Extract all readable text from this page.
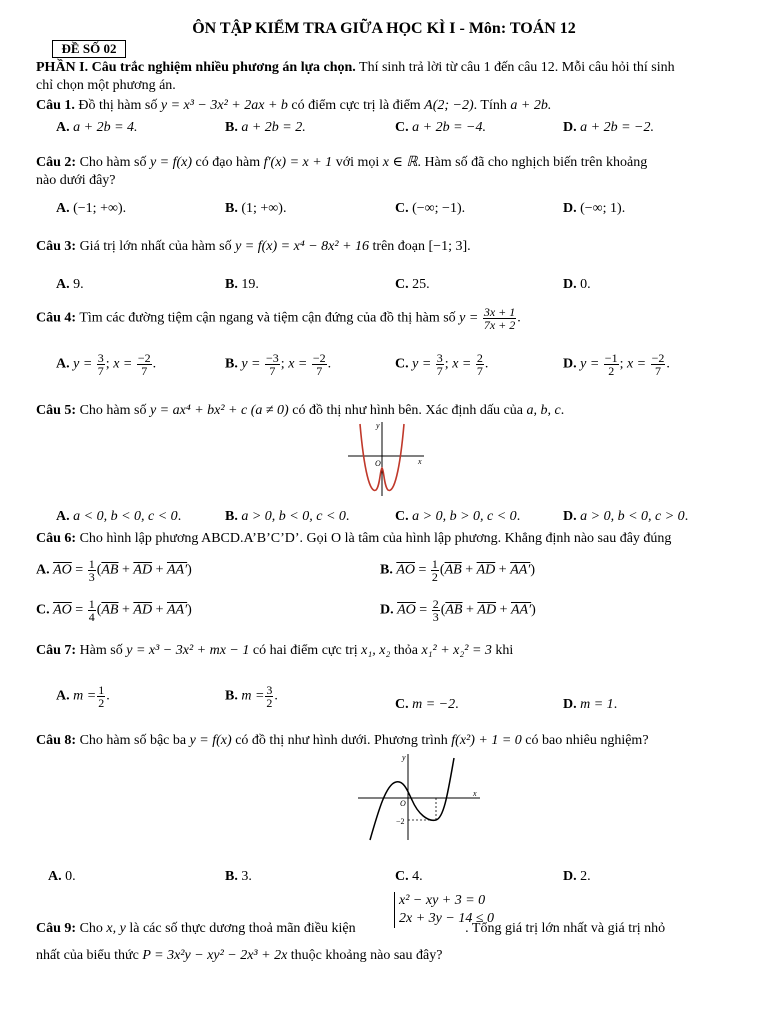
ÔN TẬP KIỂM TRA GIỮA HỌC KÌ I - Môn: TOÁN 12
ĐỀ SỐ 02
PHẦN I. Câu trắc nghiệm nhiều phương án lựa chọn. Thí sinh trả lời từ câu 1 đến câu 12. Mỗi câu hỏi thí sinh
chỉ chọn một phương án.
Câu 1. Đồ thị hàm số y = x³ − 3x² + 2ax + b có điểm cực trị là điểm A(2; −2). Tính a + 2b.
A. a + 2b = 4.	B. a + 2b = 2.	C. a + 2b = −4.	D. a + 2b = −2.
Câu 2: Cho hàm số y = f(x) có đạo hàm f′(x) = x + 1 với mọi x ∈ ℝ. Hàm số đã cho nghịch biến trên khoảng
nào dưới đây?
A. (−1; +∞).	B. (1; +∞).	C. (−∞; −1).	D. (−∞; 1).
Câu 3: Giá trị lớn nhất của hàm số y = f(x) = x⁴ − 8x² + 16 trên đoạn [−1; 3].
A. 9.	B. 19.	C. 25.	D. 0.
Câu 4: Tìm các đường tiệm cận ngang và tiệm cận đứng của đồ thị hàm số $y = \frac{3x + 1}{7x + 2}$ .
A. $y = \frac{3}{7}$ ; $x = \frac{-2}{7}$ .	B. $y = \frac{-3}{7}$ ; $x = \frac{-2}{7}$ .	C. $y = \frac{3}{7}$ ; $x = \frac{2}{7}$ .	D. $y = \frac{-1}{2}$ ; $x = \frac{-2}{7}$ .
Câu 5: Cho hàm số y = ax⁴ + bx² + c (a ≠ 0) có đồ thị như hình bên. Xác định dấu của a, b, c.
y
O	x
A. a < 0, b < 0, c < 0.	B. a > 0, b < 0, c < 0.	C. a > 0, b > 0, c < 0.	D. a > 0, b < 0, c > 0.
Câu 6: Cho hình lập phương ABCD.A’B’C’D’. Gọi O là tâm của hình lập phương. Khẳng định nào sau đây đúng
A. $\overline{AO} = \frac{1}{3} (\overline{AB} + \overline{AD} + AA')$	B. $\overline{AO} = \frac{1}{2} (\overline{AB} + \overline{AD} + AA')$
C. $\overline{AO} = \frac{1}{4} (\overline{AB} + \overline{AD} + AA')$	D. $\overline{AO} = \frac{2}{3} (\overline{AB} + \overline{AD} + AA')$
Câu 7: Hàm số y = x³ − 3x² + mx − 1 có hai điểm cực trị x₁, x₂ thỏa x₁² + x₂² = 3 khi
A. $m = \frac{1}{2}$ .	B. $m = \frac{3}{2}$ .
C. m = −2.	D. m = 1.
Câu 8: Cho hàm số bậc ba y = f(x) có đồ thị như hình dưới. Phương trình f(x²) + 1 = 0 có bao nhiêu nghiệm?
y
O
x
−2
A. 0.	B. 3.	C. 4.	D. 2.
x² − xy + 3 = 0
2x + 3y − 14 ≤ 0
Câu 9: Cho x, y là các số thực dương thoả mãn điều kiện	. Tổng giá trị lớn nhất và giá trị nhỏ
nhất của biểu thức P = 3x²y − xy² − 2x³ + 2x thuộc khoảng nào sau đây?
